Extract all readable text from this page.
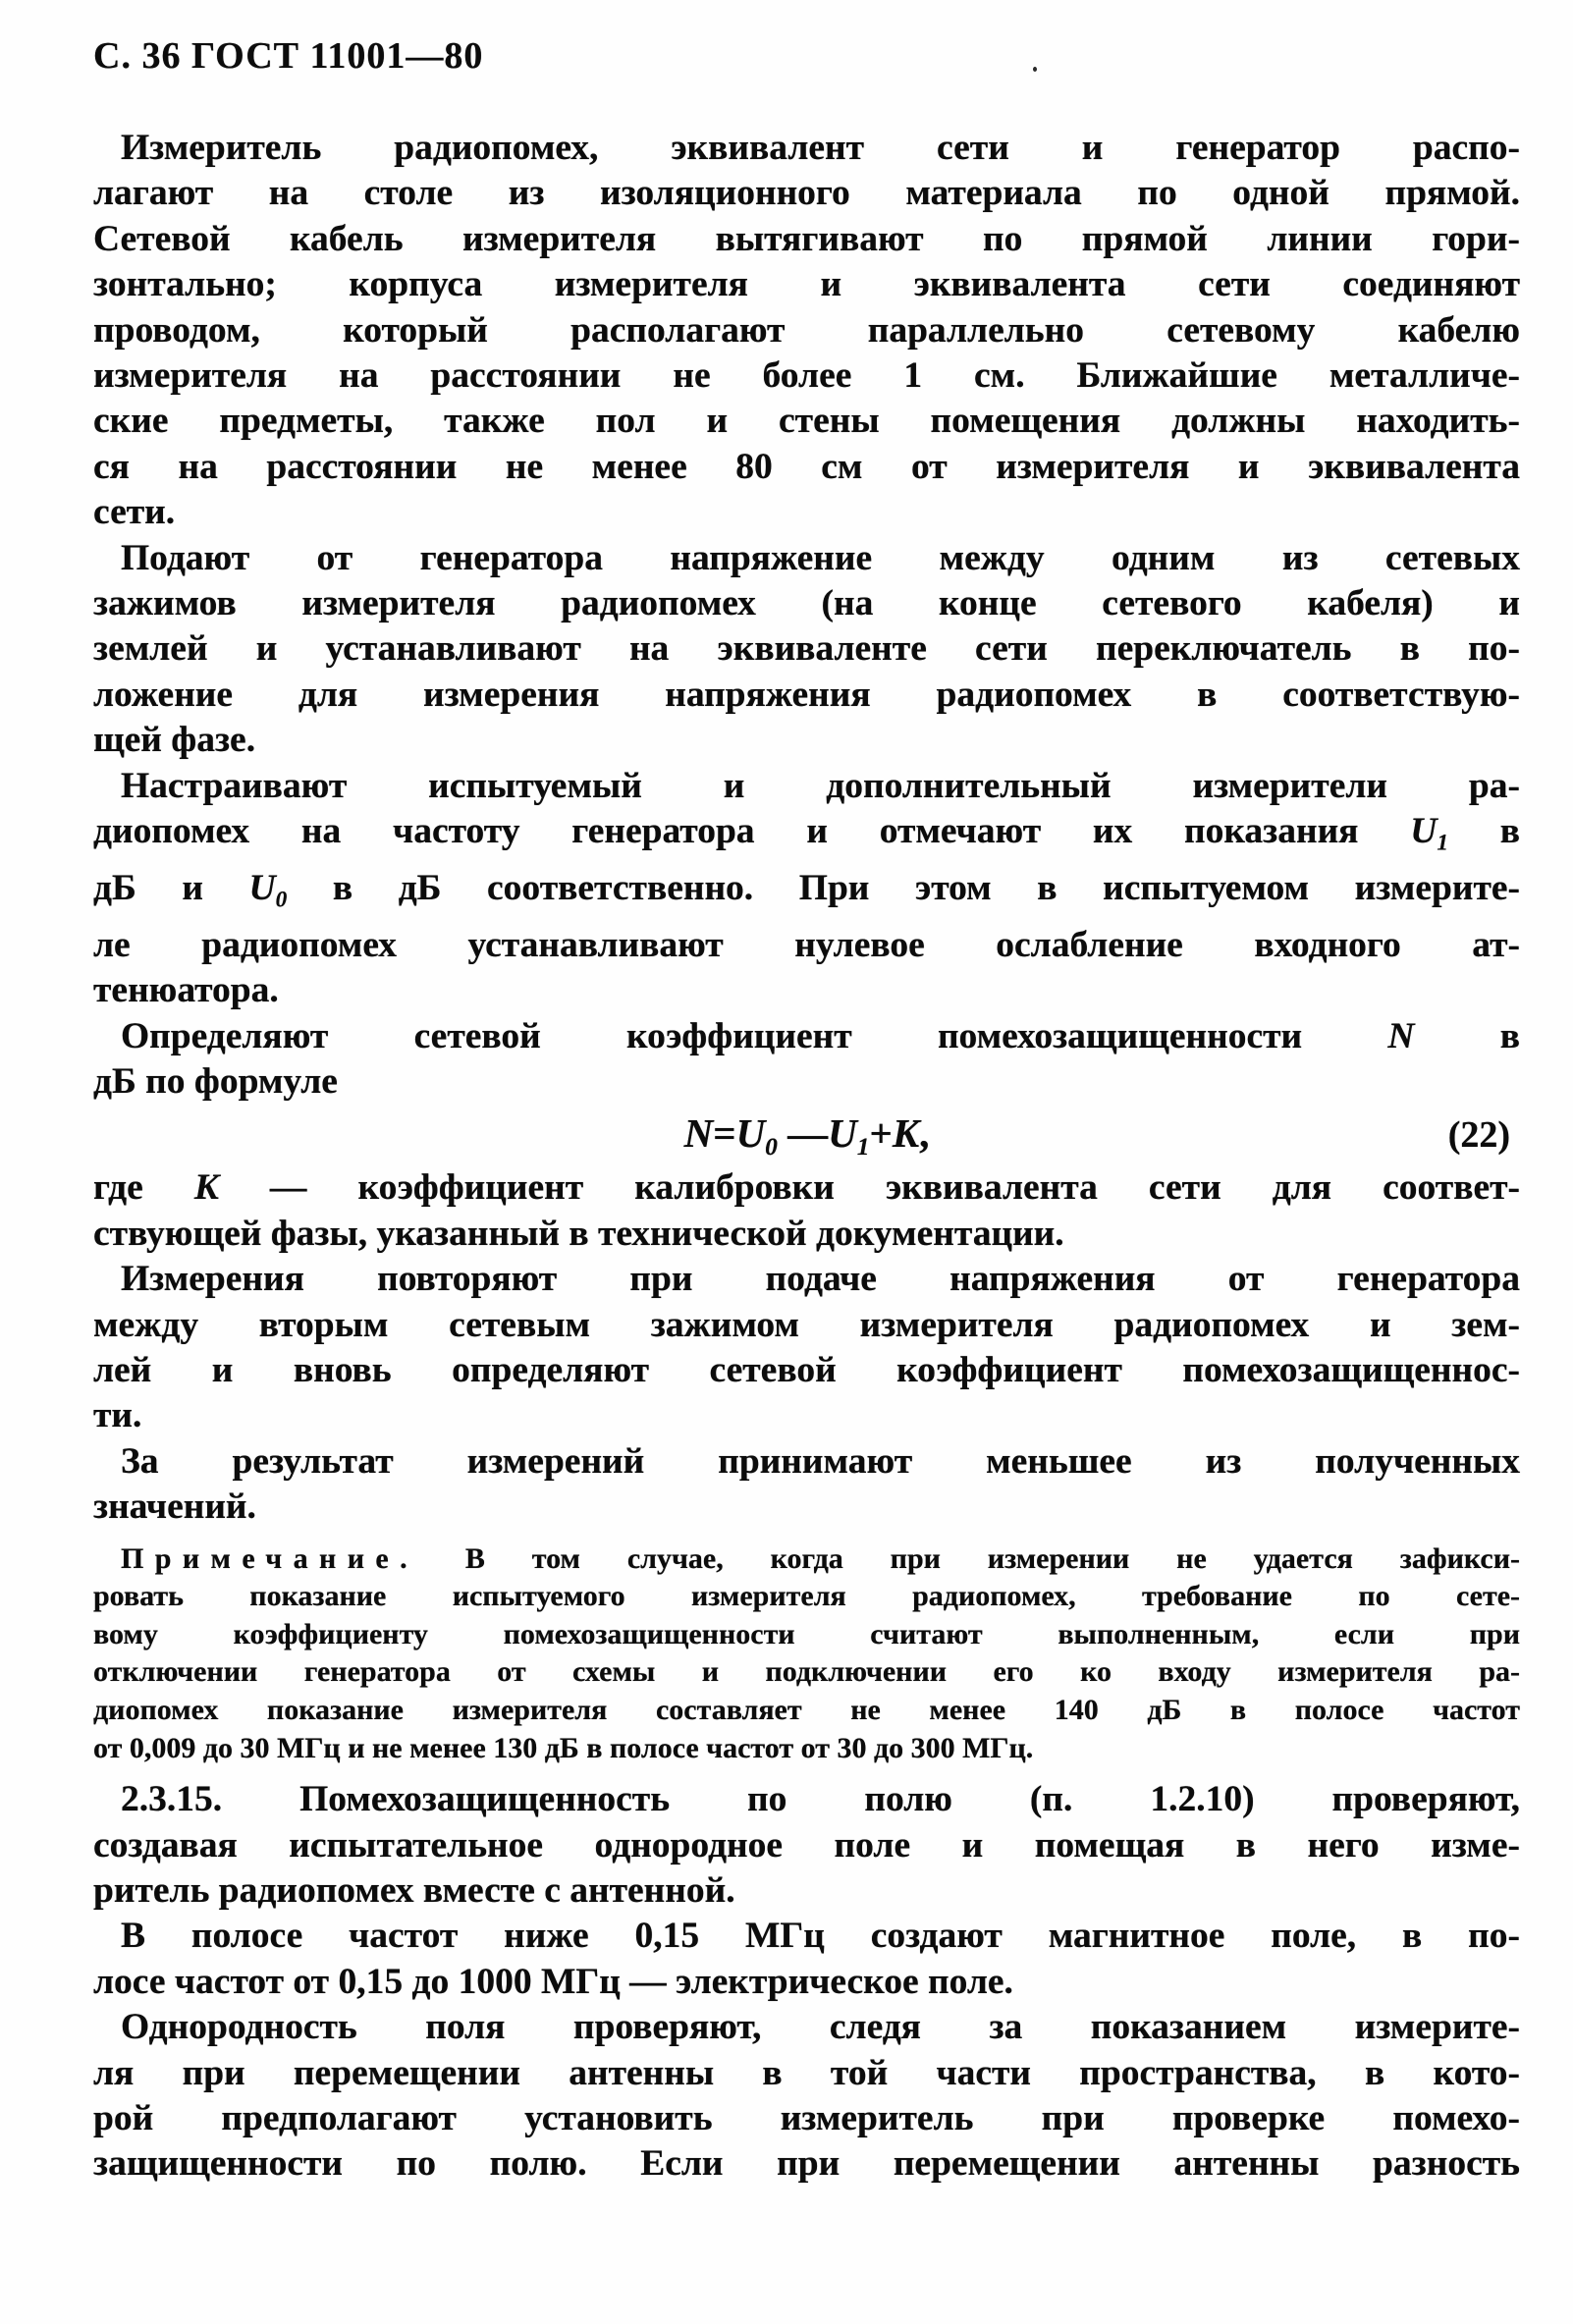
С. 36 ГОСТ 11001—80
Измеритель радиопомех, эквивалент сети и генератор распо-
лагают на столе из изоляционного материала по одной прямой.
Сетевой кабель измерителя вытягивают по прямой линии гори-
зонтально; корпуса измерителя и эквивалента сети соединяют
проводом, который располагают параллельно сетевому кабелю
измерителя на расстоянии не более 1 см. Ближайшие металличе-
ские предметы, также пол и стены помещения должны находить-
ся на расстоянии не менее 80 см от измерителя и эквивалента
сети.
Подают от генератора напряжение между одним из сетевых
зажимов измерителя радиопомех (на конце сетевого кабеля) и
землей и устанавливают на эквиваленте сети переключатель в по-
ложение для измерения напряжения радиопомех в соответствую-
щей фазе.
Настраивают испытуемый и дополнительный измерители ра-
диопомех на частоту генератора и отмечают их показания U1 в
дБ и U0 в дБ соответственно. При этом в испытуемом измерите-
ле радиопомех устанавливают нулевое ослабление входного ат-
тенюатора.
Определяют сетевой коэффициент помехозащищенности N в
дБ по формуле
N=U0 —U1+K,	(22)
где K — коэффициент калибровки эквивалента сети для соответ-
ствующей фазы, указанный в технической документации.
Измерения повторяют при подаче напряжения от генератора
между вторым сетевым зажимом измерителя радиопомех и зем-
лей и вновь определяют сетевой коэффициент помехозащищеннос-
ти.
За результат измерений принимают меньшее из полученных
значений.
Примечание. В том случае, когда при измерении не удается зафикси-
ровать показание испытуемого измерителя радиопомех, требование по сете-
вому коэффициенту помехозащищенности считают выполненным, если при
отключении генератора от схемы и подключении его ко входу измерителя ра-
диопомех показание измерителя составляет не менее 140 дБ в полосе частот
от 0,009 до 30 МГц и не менее 130 дБ в полосе частот от 30 до 300 МГц.
2.3.15. Помехозащищенность по полю (п. 1.2.10) проверяют,
создавая испытательное однородное поле и помещая в него изме-
ритель радиопомех вместе с антенной.
В полосе частот ниже 0,15 МГц создают магнитное поле, в по-
лосе частот от 0,15 до 1000 МГц — электрическое поле.
Однородность поля проверяют, следя за показанием измерите-
ля при перемещении антенны в той части пространства, в кото-
рой предполагают установить измеритель при проверке помехо-
защищенности по полю. Если при перемещении антенны разность
